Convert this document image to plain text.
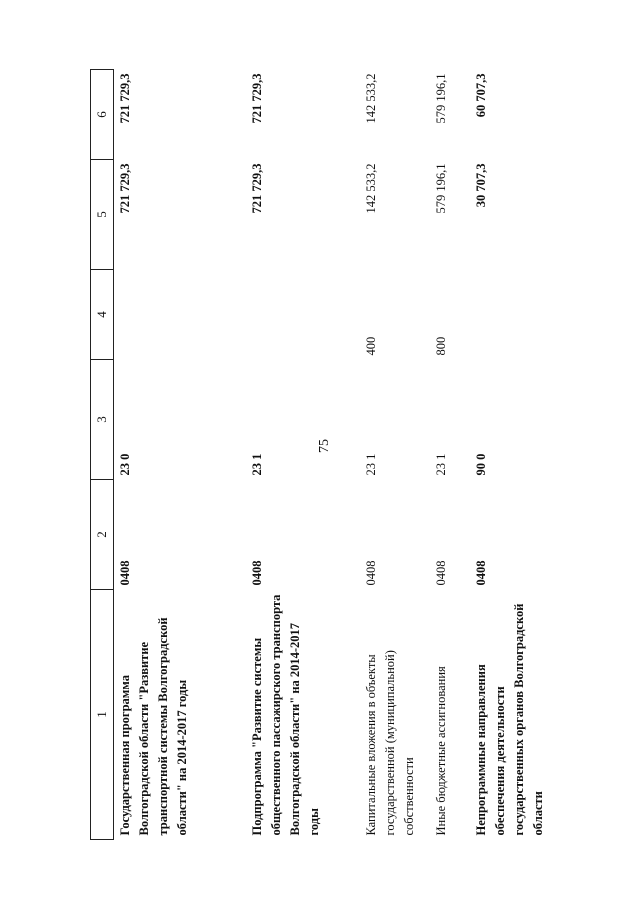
75
1	2	3	4	5	6
Государственная программа Волгоградской области "Развитие транспортной системы Волгоградской области" на 2014-2017 годы	0408	23 0		721 729,3	721 729,3
Подпрограмма "Развитие системы общественного пассажирского транспорта Волгоградской области" на 2014-2017 годы	0408	23 1		721 729,3	721 729,3
Капитальные вложения в объекты государственной (муниципальной) собственности	0408	23 1	400	142 533,2	142 533,2
Иные бюджетные ассигнования	0408	23 1	800	579 196,1	579 196,1
Непрограммные направления обеспечения деятельности государственных органов Волгоградской области	0408	90 0		30 707,3	60 707,3
